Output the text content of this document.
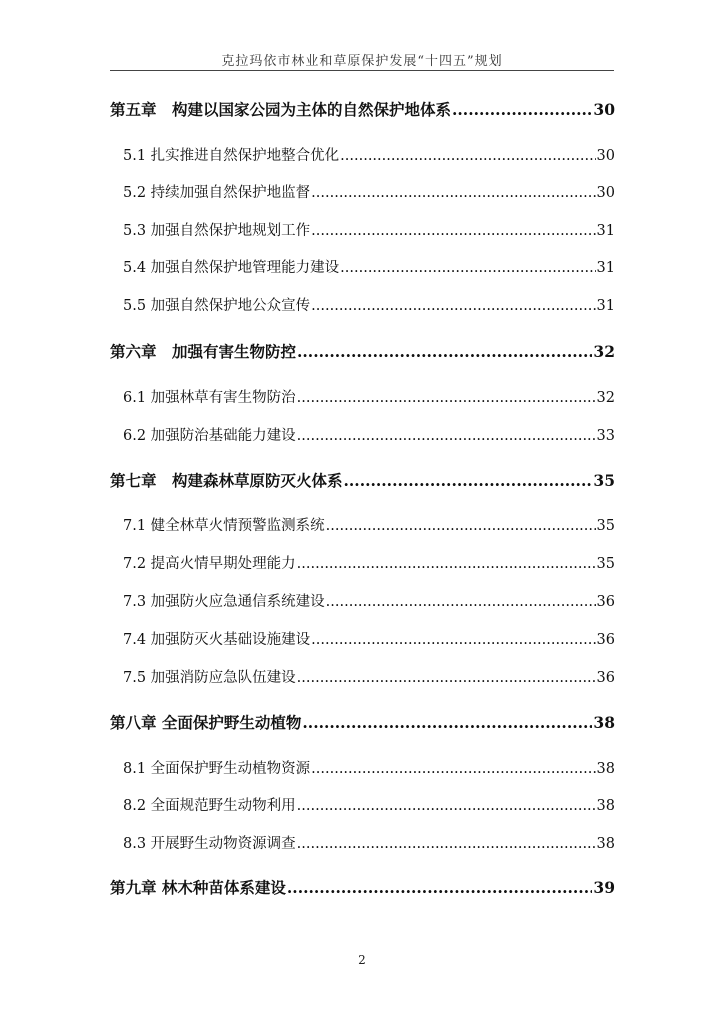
克拉玛依市林业和草原保护发展“十四五”规划
第五章　构建以国家公园为主体的自然保护地体系 .....	30
5.1 扎实推进自然保护地整合优化 .....	30
5.2 持续加强自然保护地监督 .....	30
5.3 加强自然保护地规划工作 .....	31
5.4 加强自然保护地管理能力建设 .....	31
5.5 加强自然保护地公众宣传 .....	31
第六章　加强有害生物防控 .....	32
6.1 加强林草有害生物防治 .....	32
6.2 加强防治基础能力建设 .....	33
第七章　构建森林草原防灭火体系 .....	35
7.1 健全林草火情预警监测系统 .....	35
7.2 提高火情早期处理能力 .....	35
7.3 加强防火应急通信系统建设 .....	36
7.4 加强防灭火基础设施建设 .....	36
7.5 加强消防应急队伍建设 .....	36
第八章 全面保护野生动植物 .....	38
8.1 全面保护野生动植物资源 .....	38
8.2 全面规范野生动物利用 .....	38
8.3 开展野生动物资源调查 .....	38
第九章 林木种苗体系建设 .....	39
2
